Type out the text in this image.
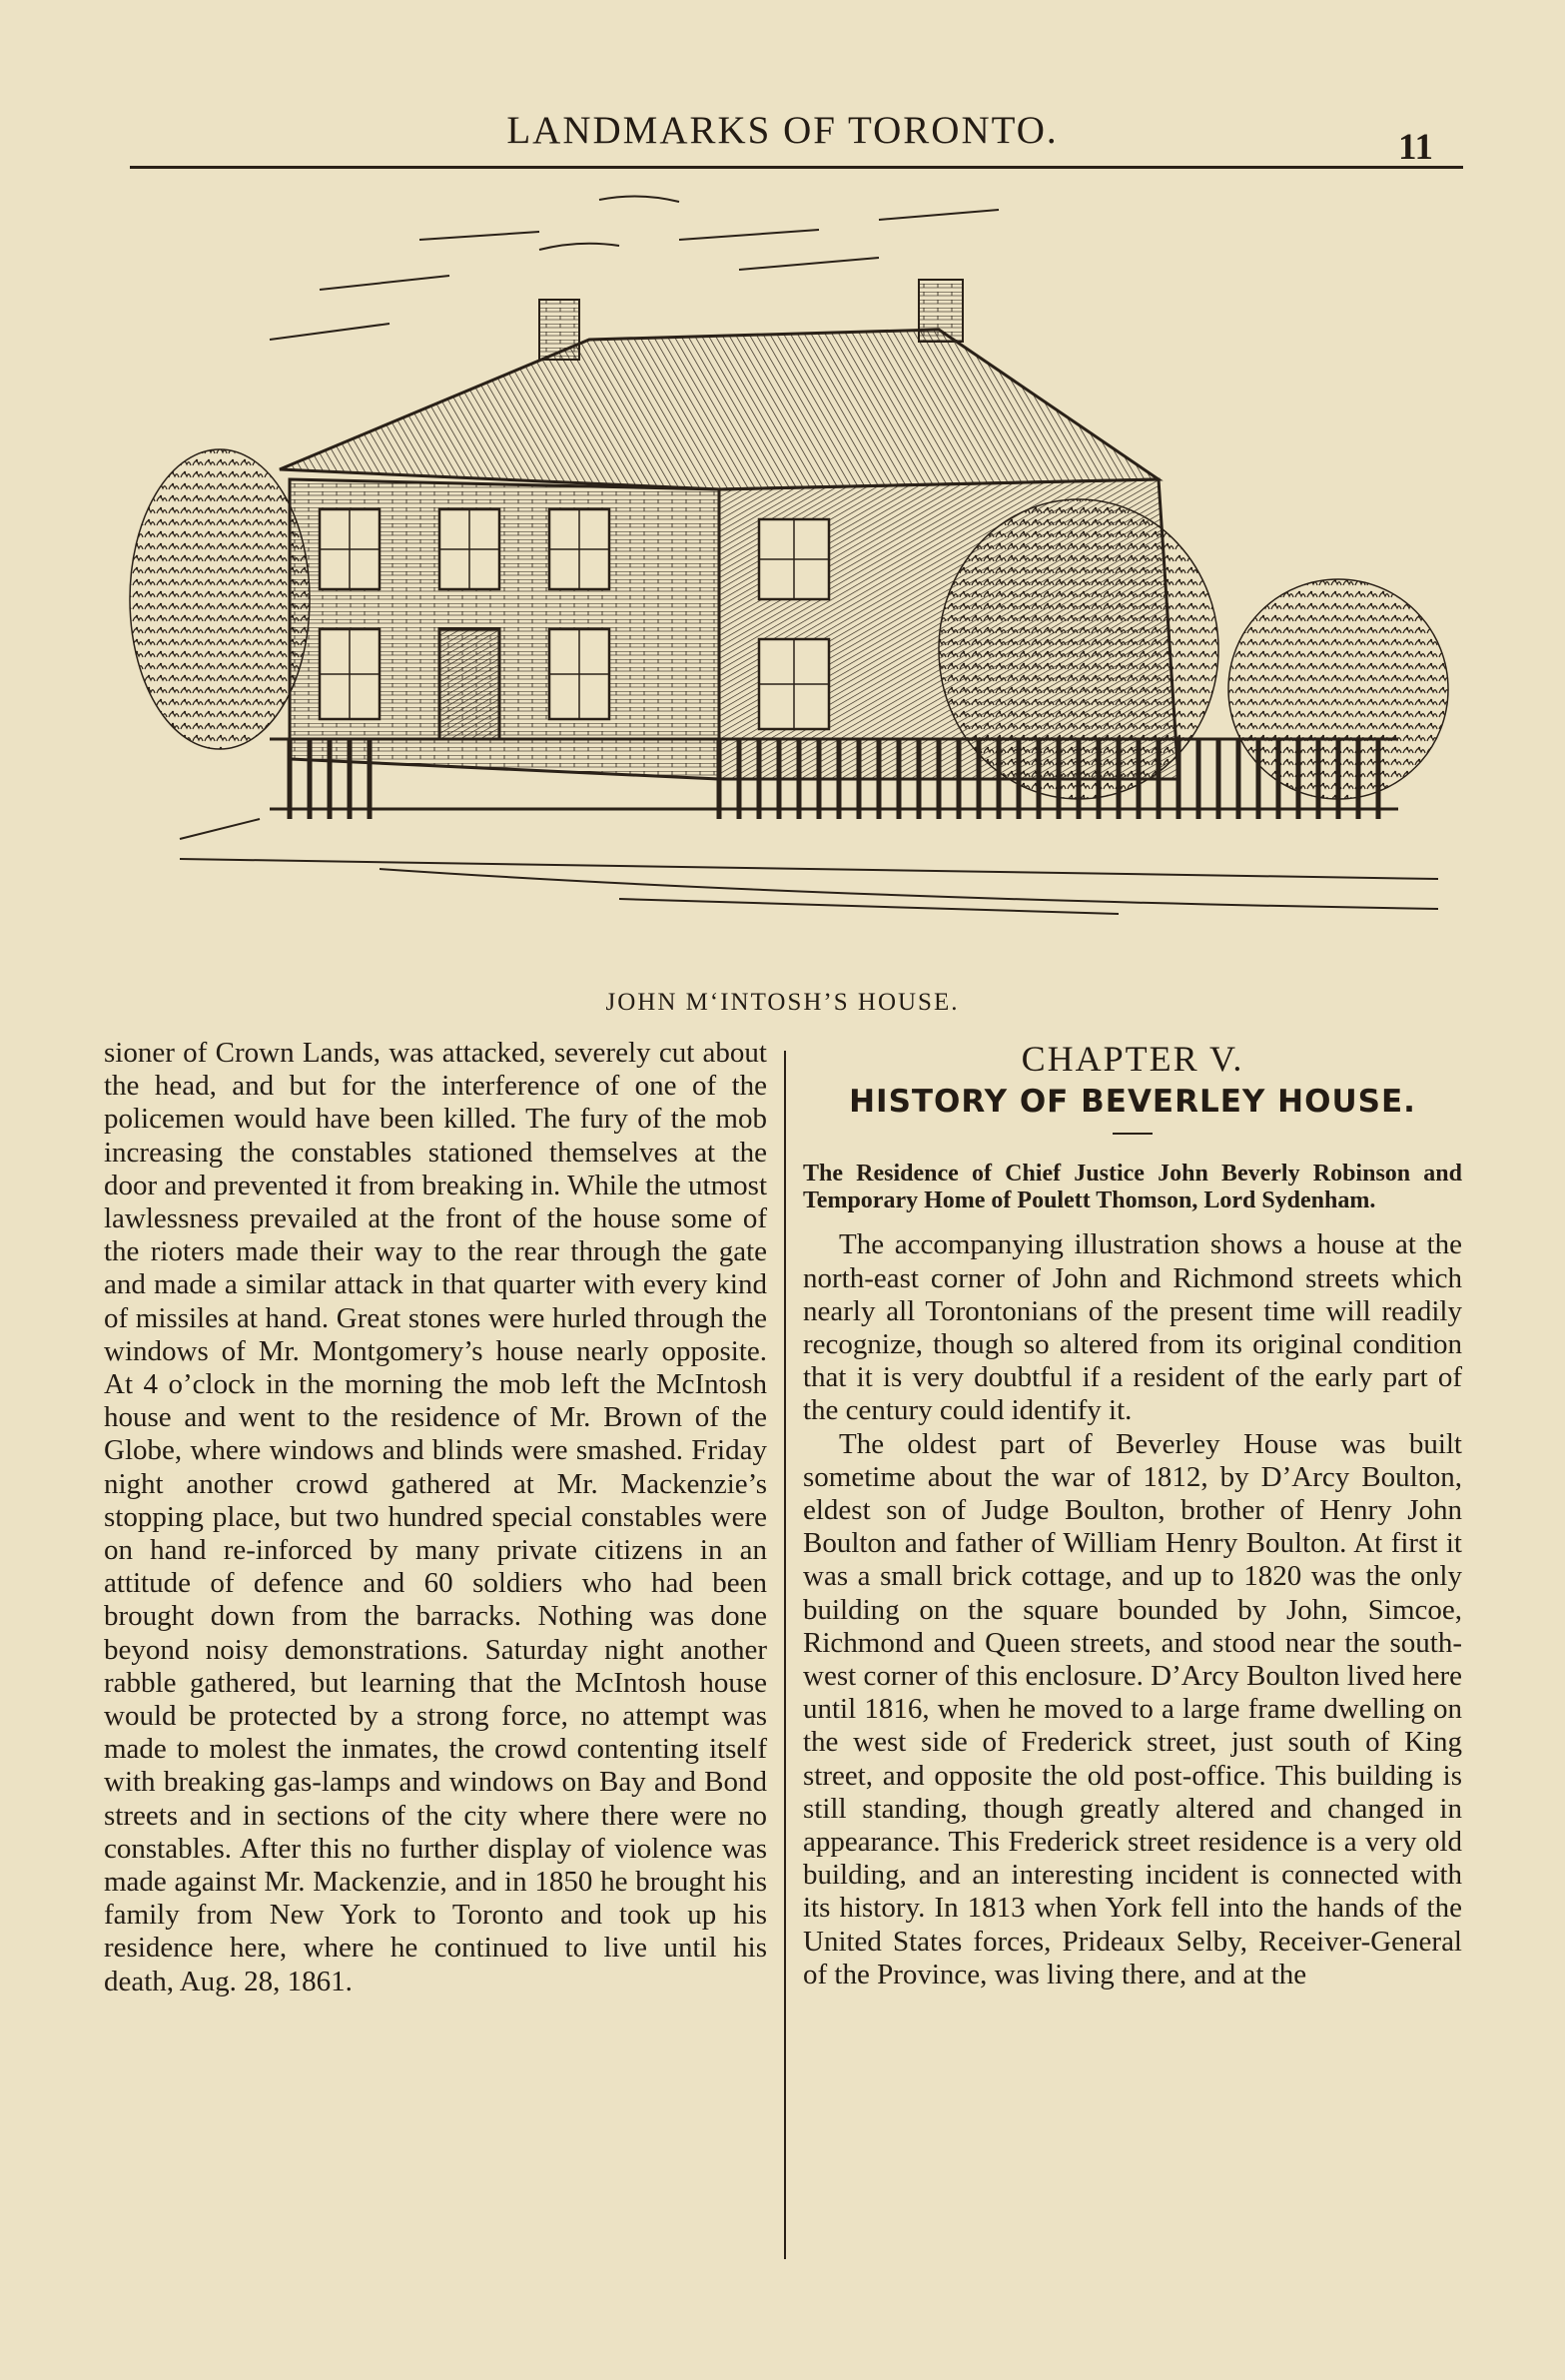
LANDMARKS OF TORONTO.	11
JOHN M‘INTOSH’S HOUSE.

sioner of Crown Lands, was attacked, severely cut about the head, and but for the interference of one of the policemen would have been killed. The fury of the mob increasing the constables stationed themselves at the door and prevented it from breaking in. While the utmost lawlessness prevailed at the front of the house some of the rioters made their way to the rear through the gate and made a similar attack in that quarter with every kind of missiles at hand. Great stones were hurled through the windows of Mr. Montgomery’s house nearly opposite. At 4 o’clock in the morning the mob left the McIntosh house and went to the residence of Mr. Brown of the Globe, where windows and blinds were smashed. Friday night another crowd gathered at Mr. Mackenzie’s stopping place, but two hundred special constables were on hand re-inforced by many private citizens in an attitude of defence and 60 soldiers who had been brought down from the barracks. Nothing was done beyond noisy demonstrations. Saturday night another rabble gathered, but learning that the McIntosh house would be protected by a strong force, no attempt was made to molest the inmates, the crowd contenting itself with breaking gas-lamps and windows on Bay and Bond streets and in sections of the city where there were no constables. After this no further display of violence was made against Mr. Mackenzie, and in 1850 he brought his family from New York to Toronto and took up his residence here, where he continued to live until his death, Aug. 28, 1861.

CHAPTER V.
HISTORY OF BEVERLEY HOUSE.
The Residence of Chief Justice John Beverly Robinson and Temporary Home of Poulett Thomson, Lord Sydenham.

The accompanying illustration shows a house at the north-east corner of John and Richmond streets which nearly all Torontonians of the present time will readily recognize, though so altered from its original condition that it is very doubtful if a resident of the early part of the century could identify it.

The oldest part of Beverley House was built sometime about the war of 1812, by D’Arcy Boulton, eldest son of Judge Boulton, brother of Henry John Boulton and father of William Henry Boulton. At first it was a small brick cottage, and up to 1820 was the only building on the square bounded by John, Simcoe, Richmond and Queen streets, and stood near the south-west corner of this enclosure. D’Arcy Boulton lived here until 1816, when he moved to a large frame dwelling on the west side of Frederick street, just south of King street, and opposite the old post-office. This building is still standing, though greatly altered and changed in appearance. This Frederick street residence is a very old building, and an interesting incident is connected with its history. In 1813 when York fell into the hands of the United States forces, Prideaux Selby, Receiver-General of the Province, was living there, and at the
